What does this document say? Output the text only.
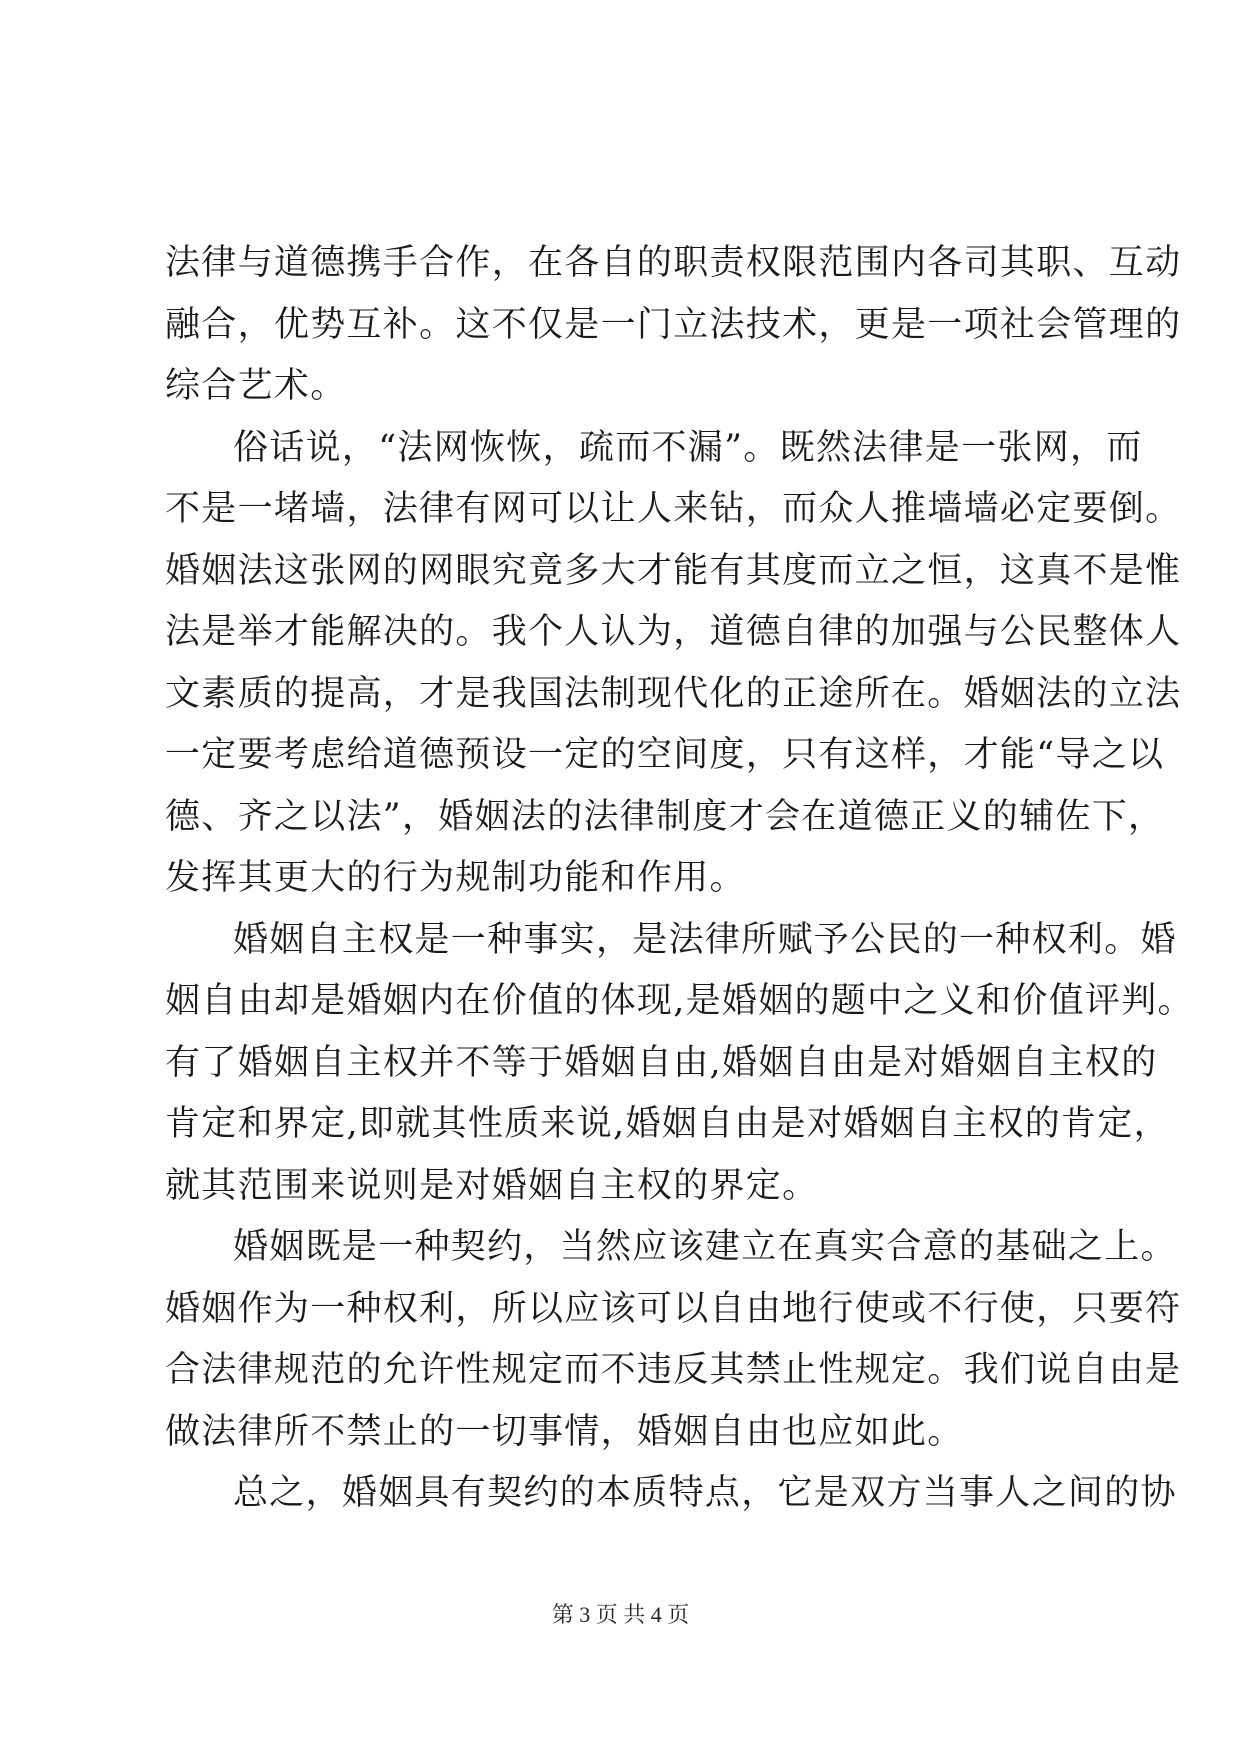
法律与道德携手合作，在各自的职责权限范围内各司其职、互动
融合，优势互补。这不仅是一门立法技术，更是一项社会管理的
综合艺术。
俗话说，“法网恢恢，疏而不漏”。既然法律是一张网，而
不是一堵墙，法律有网可以让人来钻，而众人推墙墙必定要倒。
婚姻法这张网的网眼究竟多大才能有其度而立之恒，这真不是惟
法是举才能解决的。我个人认为，道德自律的加强与公民整体人
文素质的提高，才是我国法制现代化的正途所在。婚姻法的立法
一定要考虑给道德预设一定的空间度，只有这样，才能“导之以
德、齐之以法”，婚姻法的法律制度才会在道德正义的辅佐下，
发挥其更大的行为规制功能和作用。
婚姻自主权是一种事实，是法律所赋予公民的一种权利。婚
姻自由却是婚姻内在价值的体现,是婚姻的题中之义和价值评判。
有了婚姻自主权并不等于婚姻自由,婚姻自由是对婚姻自主权的
肯定和界定,即就其性质来说,婚姻自由是对婚姻自主权的肯定，
就其范围来说则是对婚姻自主权的界定。
婚姻既是一种契约，当然应该建立在真实合意的基础之上。
婚姻作为一种权利，所以应该可以自由地行使或不行使，只要符
合法律规范的允许性规定而不违反其禁止性规定。我们说自由是
做法律所不禁止的一切事情，婚姻自由也应如此。
总之，婚姻具有契约的本质特点，它是双方当事人之间的协
第 3 页 共 4 页
